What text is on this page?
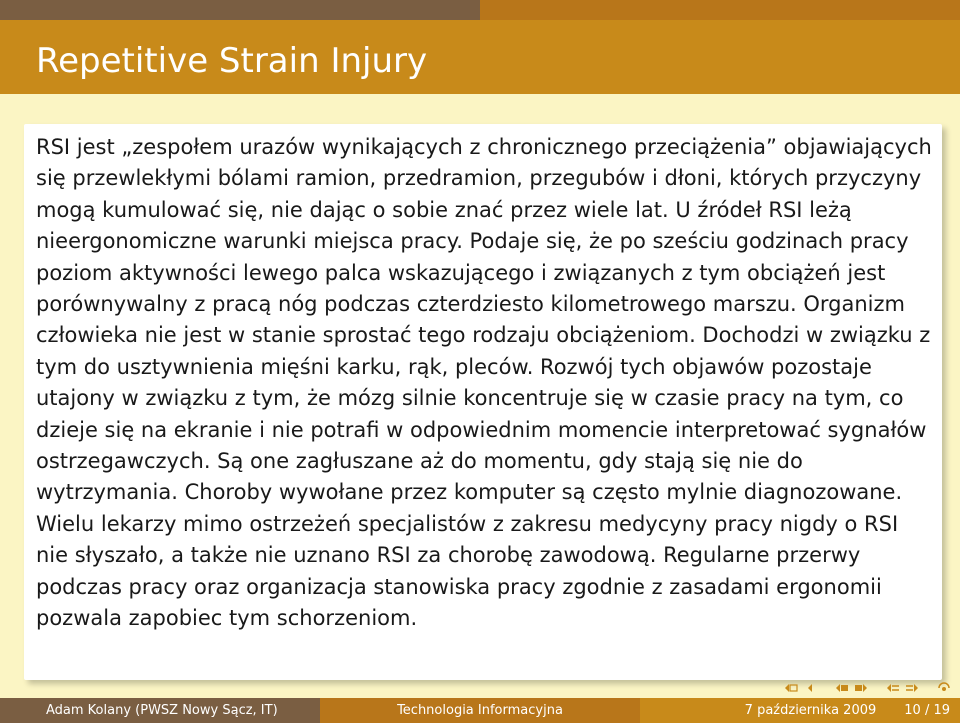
Repetitive Strain Injury

RSI jest „zespołem urazów wynikających z chronicznego przeciążenia” objawiających się przewlekłymi bólami ramion, przedramion, przegubów i dłoni, których przyczyny mogą kumulować się, nie dając o sobie znać przez wiele lat. U źródeł RSI leżą nieergonomiczne warunki miejsca pracy. Podaje się, że po sześciu godzinach pracy poziom aktywności lewego palca wskazującego i związanych z tym obciążeń jest porównywalny z pracą nóg podczas czterdziesto kilometrowego marszu. Organizm człowieka nie jest w stanie sprostać tego rodzaju obciążeniom. Dochodzi w związku z tym do usztywnienia mięśni karku, rąk, pleców. Rozwój tych objawów pozostaje utajony w związku z tym, że mózg silnie koncentruje się w czasie pracy na tym, co dzieje się na ekranie i nie potrafi w odpowiednim momencie interpretować sygnałów ostrzegawczych. Są one zagłuszane aż do momentu, gdy stają się nie do wytrzymania. Choroby wywołane przez komputer są często mylnie diagnozowane. Wielu lekarzy mimo ostrzeżeń specjalistów z zakresu medycyny pracy nigdy o RSI nie słyszało, a także nie uznano RSI za chorobę zawodową. Regularne przerwy podczas pracy oraz organizacja stanowiska pracy zgodnie z zasadami ergonomii pozwala zapobiec tym schorzeniom.

Adam Kolany (PWSZ Nowy Sącz, IT)	Technologia Informacyjna	7 października 2009 10 / 19
